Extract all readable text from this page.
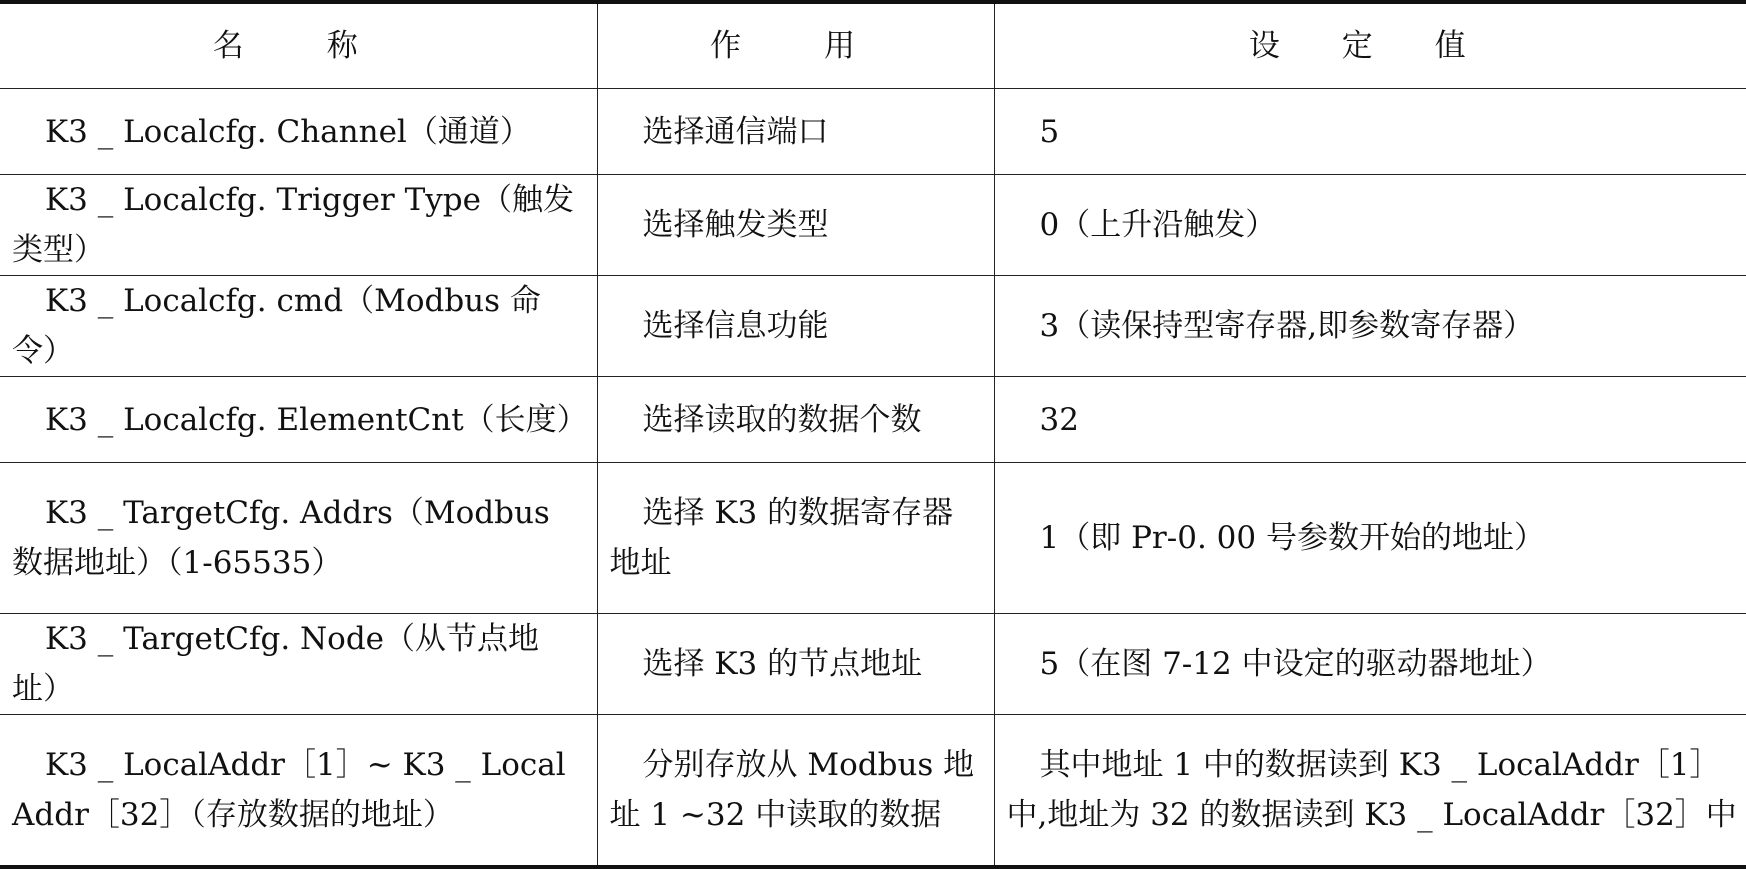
名　称	作　用	设 定 值
K3 _ Localcfg. Channel（通道）	选择通信端口	5
K3 _ Localcfg. Trigger Type（触发类型）	选择触发类型	0（上升沿触发）
K3 _ Localcfg. cmd（Modbus 命令）	选择信息功能	3（读保持型寄存器,即参数寄存器）
K3 _ Localcfg. ElementCnt（长度）	选择读取的数据个数	32
K3 _ TargetCfg. Addrs（Modbus 数据地址）（1-65535）	选择 K3 的数据寄存器地址	1（即 Pr-0. 00 号参数开始的地址）
K3 _ TargetCfg. Node（从节点地址）	选择 K3 的节点地址	5（在图 7-12 中设定的驱动器地址）
K3 _ LocalAddr［1］~ K3 _ LocalAddr［32］（存放数据的地址）	分别存放从 Modbus 地址 1 ~32 中读取的数据	其中地址 1 中的数据读到 K3 _ LocalAddr［1］中,地址为 32 的数据读到 K3 _ LocalAddr［32］中
